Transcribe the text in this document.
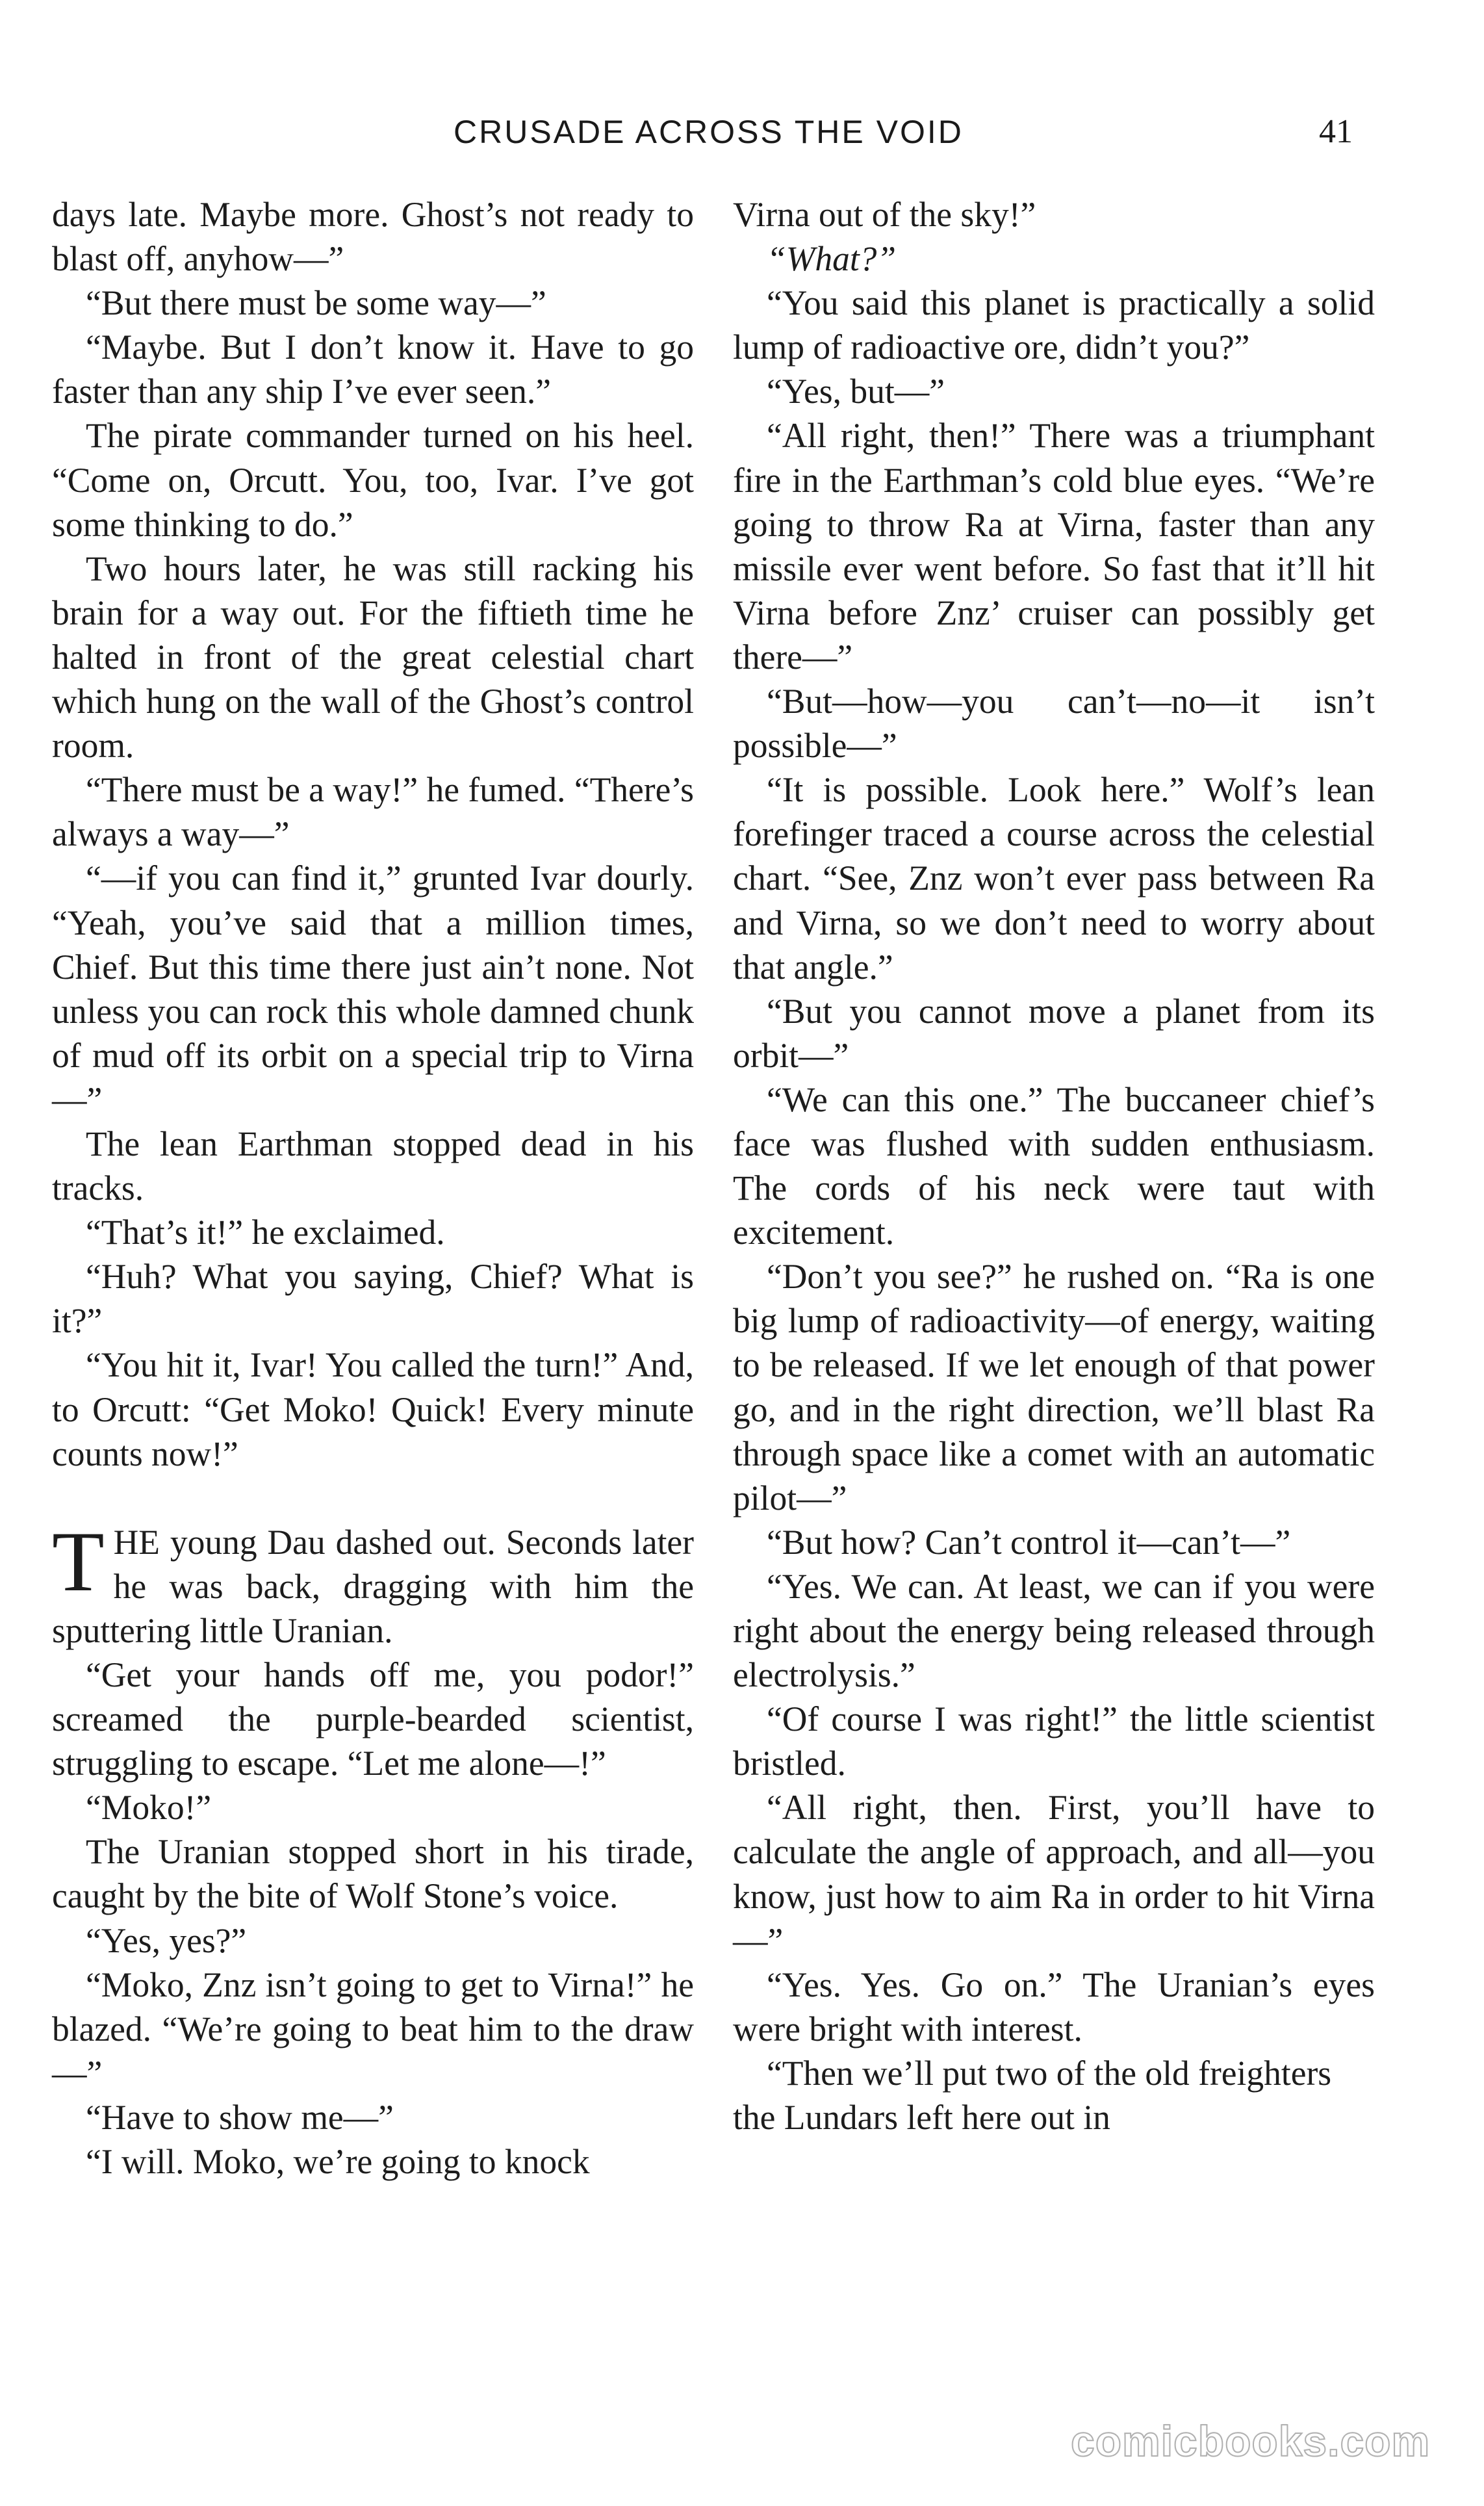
CRUSADE ACROSS THE VOID	41

days late. Maybe more. Ghost’s not ready to blast off, anyhow—”

“But there must be some way—”

“Maybe. But I don’t know it. Have to go faster than any ship I’ve ever seen.”

The pirate commander turned on his heel. “Come on, Orcutt. You, too, Ivar. I’ve got some thinking to do.”

Two hours later, he was still racking his brain for a way out. For the fiftieth time he halted in front of the great celestial chart which hung on the wall of the Ghost’s control room.

“There must be a way!” he fumed. “There’s always a way—”

“—if you can find it,” grunted Ivar dourly. “Yeah, you’ve said that a million times, Chief. But this time there just ain’t none. Not unless you can rock this whole damned chunk of mud off its orbit on a special trip to Virna—”

The lean Earthman stopped dead in his tracks.

“That’s it!” he exclaimed.

“Huh? What you saying, Chief? What is it?”

“You hit it, Ivar! You called the turn!” And, to Orcutt: “Get Moko! Quick! Every minute counts now!”

THE young Dau dashed out. Seconds later he was back, dragging with him the sputtering little Uranian.

“Get your hands off me, you podor!” screamed the purple-bearded scientist, struggling to escape. “Let me alone—!”

“Moko!”

The Uranian stopped short in his tirade, caught by the bite of Wolf Stone’s voice.

“Yes, yes?”

“Moko, Znz isn’t going to get to Virna!” he blazed. “We’re going to beat him to the draw—”

“Have to show me—”

“I will. Moko, we’re going to knock

Virna out of the sky!”

“What?”

“You said this planet is practically a solid lump of radioactive ore, didn’t you?”

“Yes, but—”

“All right, then!” There was a triumphant fire in the Earthman’s cold blue eyes. “We’re going to throw Ra at Virna, faster than any missile ever went before. So fast that it’ll hit Virna before Znz’ cruiser can possibly get there—”

“But—how—you can’t—no—it isn’t possible—”

“It is possible. Look here.” Wolf’s lean forefinger traced a course across the celestial chart. “See, Znz won’t ever pass between Ra and Virna, so we don’t need to worry about that angle.”

“But you cannot move a planet from its orbit—”

“We can this one.” The buccaneer chief’s face was flushed with sudden enthusiasm. The cords of his neck were taut with excitement.

“Don’t you see?” he rushed on. “Ra is one big lump of radioactivity—of energy, waiting to be released. If we let enough of that power go, and in the right direction, we’ll blast Ra through space like a comet with an automatic pilot—”

“But how? Can’t control it—can’t—”

“Yes. We can. At least, we can if you were right about the energy being released through electrolysis.”

“Of course I was right!” the little scientist bristled.

“All right, then. First, you’ll have to calculate the angle of approach, and all—you know, just how to aim Ra in order to hit Virna—”

“Yes. Yes. Go on.” The Uranian’s eyes were bright with interest.

“Then we’ll put two of the old freighters the Lundars left here out in

comicbooks.com
